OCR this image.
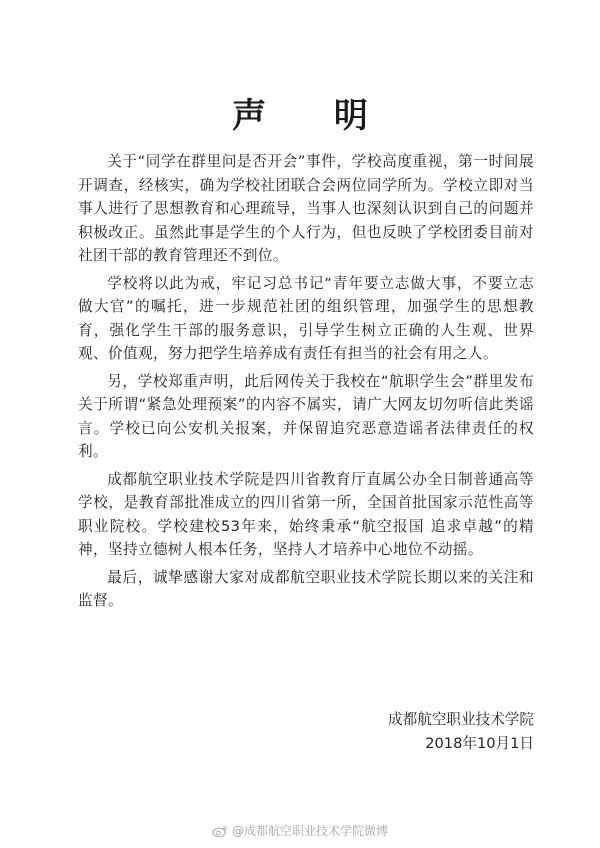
声 明

关于“同学在群里问是否开会”事件，学校高度重视，第一时间展开调查，经核实，确为学校社团联合会两位同学所为。学校立即对当事人进行了思想教育和心理疏导，当事人也深刻认识到自己的问题并积极改正。虽然此事是学生的个人行为，但也反映了学校团委目前对社团干部的教育管理还不到位。

学校将以此为戒，牢记习总书记“青年要立志做大事，不要立志做大官”的嘱托，进一步规范社团的组织管理，加强学生的思想教育，强化学生干部的服务意识，引导学生树立正确的人生观、世界观、价值观，努力把学生培养成有责任有担当的社会有用之人。

另，学校郑重声明，此后网传关于我校在“航职学生会”群里发布关于所谓“紧急处理预案”的内容不属实，请广大网友切勿听信此类谣言。学校已向公安机关报案，并保留追究恶意造谣者法律责任的权利。

成都航空职业技术学院是四川省教育厅直属公办全日制普通高等学校，是教育部批准成立的四川省第一所，全国首批国家示范性高等职业院校。学校建校53年来，始终秉承“航空报国 追求卓越”的精神，坚持立德树人根本任务，坚持人才培养中心地位不动摇。

最后，诚挚感谢大家对成都航空职业技术学院长期以来的关注和监督。

成都航空职业技术学院
2018年10月1日
@成都航空职业技术学院微博
